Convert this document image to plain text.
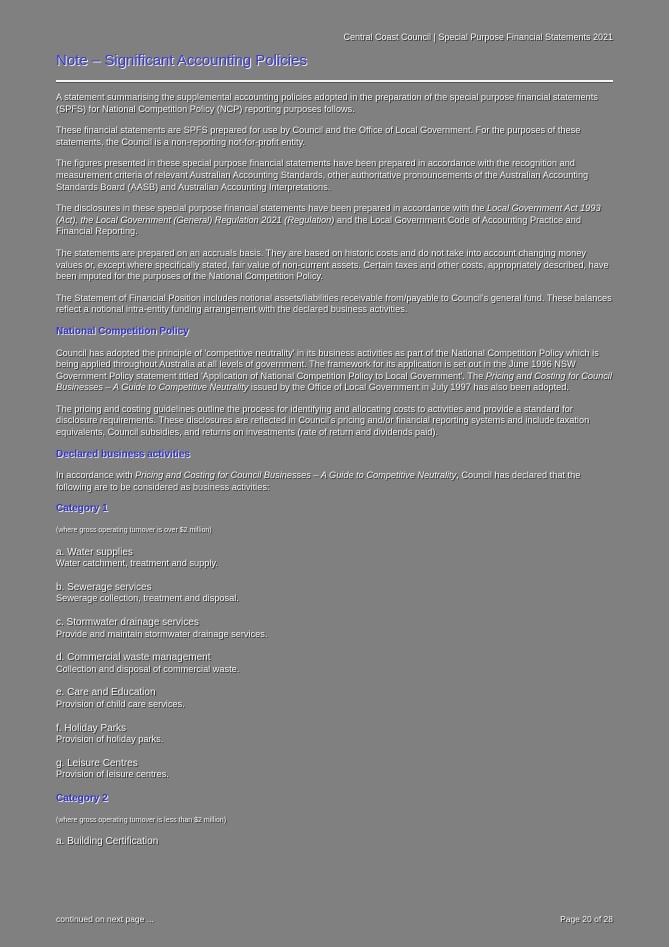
Central Coast Council | Special Purpose Financial Statements 2021
Note – Significant Accounting Policies

A statement summarising the supplemental accounting policies adopted in the preparation of the special purpose financial statements (SPFS) for National Competition Policy (NCP) reporting purposes follows.

These financial statements are SPFS prepared for use by Council and the Office of Local Government. For the purposes of these statements, the Council is a non-reporting not-for-profit entity.

The figures presented in these special purpose financial statements have been prepared in accordance with the recognition and measurement criteria of relevant Australian Accounting Standards, other authoritative pronouncements of the Australian Accounting Standards Board (AASB) and Australian Accounting Interpretations.

The disclosures in these special purpose financial statements have been prepared in accordance with the Local Government Act 1993 (Act), the Local Government (General) Regulation 2021 (Regulation) and the Local Government Code of Accounting Practice and Financial Reporting.

The statements are prepared on an accruals basis. They are based on historic costs and do not take into account changing money values or, except where specifically stated, fair value of non-current assets. Certain taxes and other costs, appropriately described, have been imputed for the purposes of the National Competition Policy.

The Statement of Financial Position includes notional assets/liabilities receivable from/payable to Council's general fund. These balances reflect a notional intra-entity funding arrangement with the declared business activities.

National Competition Policy

Council has adopted the principle of 'competitive neutrality' in its business activities as part of the National Competition Policy which is being applied throughout Australia at all levels of government. The framework for its application is set out in the June 1996 NSW Government Policy statement titled 'Application of National Competition Policy to Local Government'. The Pricing and Costing for Council Businesses – A Guide to Competitive Neutrality issued by the Office of Local Government in July 1997 has also been adopted.

The pricing and costing guidelines outline the process for identifying and allocating costs to activities and provide a standard for disclosure requirements. These disclosures are reflected in Council's pricing and/or financial reporting systems and include taxation equivalents, Council subsidies, and returns on investments (rate of return and dividends paid).

Declared business activities

In accordance with Pricing and Costing for Council Businesses – A Guide to Competitive Neutrality, Council has declared that the following are to be considered as business activities:

Category 1

(where gross operating turnover is over $2 million)

a. Water supplies
Water catchment, treatment and supply.
b. Sewerage services
Sewerage collection, treatment and disposal.
c. Stormwater drainage services
Provide and maintain stormwater drainage services.
d. Commercial waste management
Collection and disposal of commercial waste.
e. Care and Education
Provision of child care services.
f. Holiday Parks
Provision of holiday parks.
g. Leisure Centres
Provision of leisure centres.

Category 2

(where gross operating turnover is less than $2 million)

a. Building Certification
continued on next page ...	Page 20 of 28
